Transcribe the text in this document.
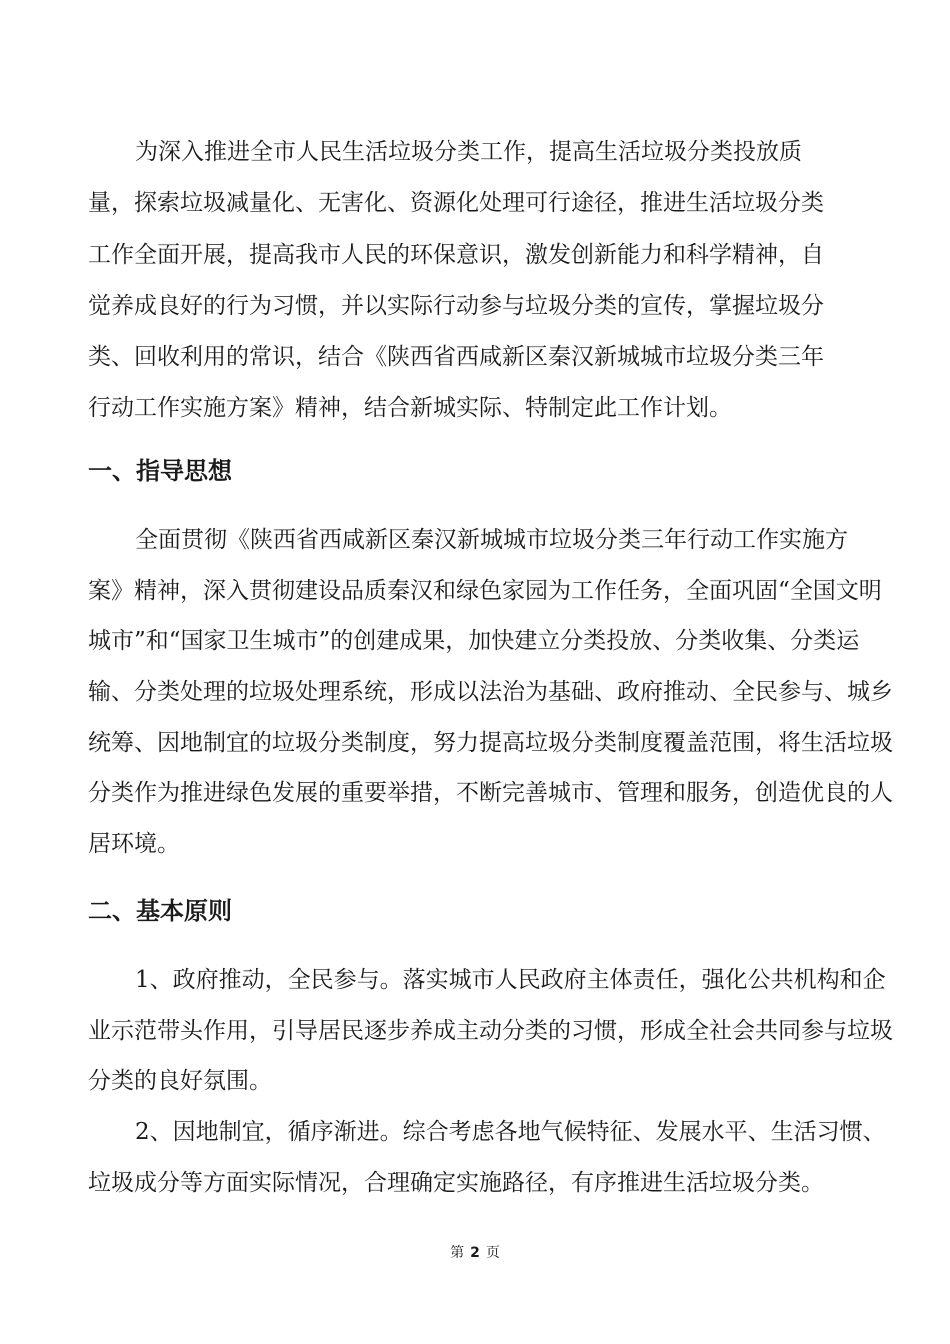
为深入推进全市人民生活垃圾分类工作，提高生活垃圾分类投放质
量，探索垃圾减量化、无害化、资源化处理可行途径，推进生活垃圾分类
工作全面开展，提高我市人民的环保意识，激发创新能力和科学精神，自
觉养成良好的行为习惯，并以实际行动参与垃圾分类的宣传，掌握垃圾分
类、回收利用的常识，结合《陕西省西咸新区秦汉新城城市垃圾分类三年
行动工作实施方案》精神，结合新城实际、特制定此工作计划。
一、指导思想
全面贯彻《陕西省西咸新区秦汉新城城市垃圾分类三年行动工作实施方
案》精神，深入贯彻建设品质秦汉和绿色家园为工作任务，全面巩固“全国文明
城市”和“国家卫生城市”的创建成果，加快建立分类投放、分类收集、分类运
输、分类处理的垃圾处理系统，形成以法治为基础、政府推动、全民参与、城乡
统筹、因地制宜的垃圾分类制度，努力提高垃圾分类制度覆盖范围，将生活垃圾
分类作为推进绿色发展的重要举措，不断完善城市、管理和服务，创造优良的人
居环境。
二、基本原则
1、政府推动，全民参与。落实城市人民政府主体责任，强化公共机构和企
业示范带头作用，引导居民逐步养成主动分类的习惯，形成全社会共同参与垃圾
分类的良好氛围。
2、因地制宜，循序渐进。综合考虑各地气候特征、发展水平、生活习惯、
垃圾成分等方面实际情况，合理确定实施路径，有序推进生活垃圾分类。
第 2 页
